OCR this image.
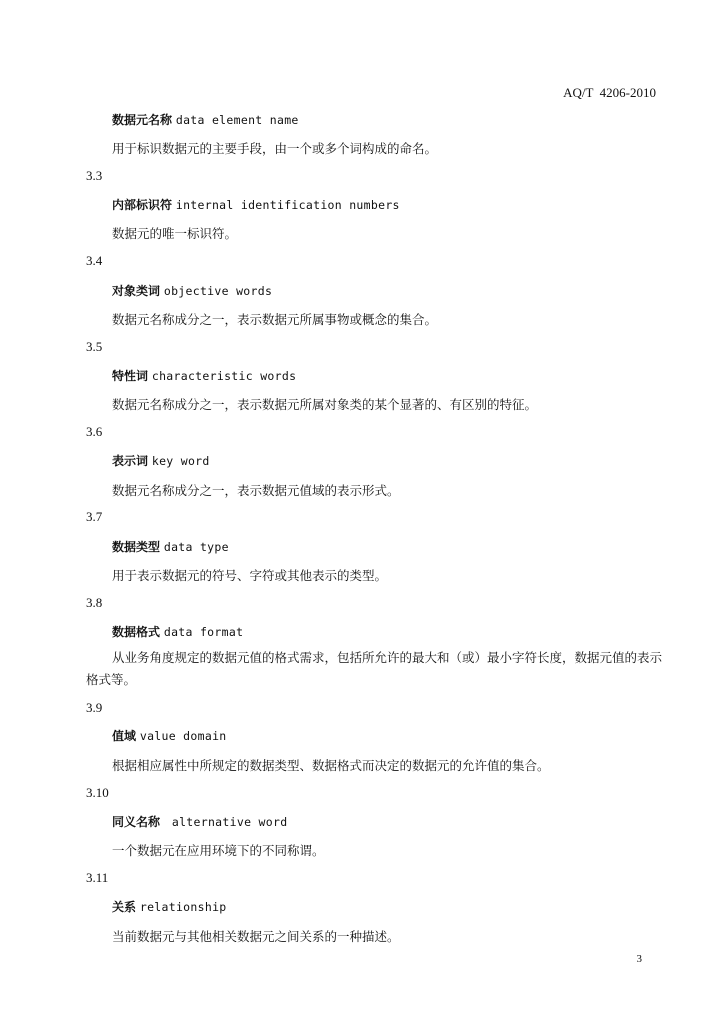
AQ/T  4206-2010
数据元名称 data element name
用于标识数据元的主要手段，由一个或多个词构成的命名。
3.3
内部标识符 internal identification numbers
数据元的唯一标识符。
3.4
对象类词 objective words
数据元名称成分之一，表示数据元所属事物或概念的集合。
3.5
特性词 characteristic words
数据元名称成分之一，表示数据元所属对象类的某个显著的、有区别的特征。
3.6
表示词 key word
数据元名称成分之一，表示数据元值域的表示形式。
3.7
数据类型 data type
用于表示数据元的符号、字符或其他表示的类型。
3.8
数据格式 data format
从业务角度规定的数据元值的格式需求，包括所允许的最大和（或）最小字符长度，数据元值的表示格式等。
3.9
值域 value domain
根据相应属性中所规定的数据类型、数据格式而决定的数据元的允许值的集合。
3.10
同义名称 alternative word
一个数据元在应用环境下的不同称谓。
3.11
关系 relationship
当前数据元与其他相关数据元之间关系的一种描述。
3
